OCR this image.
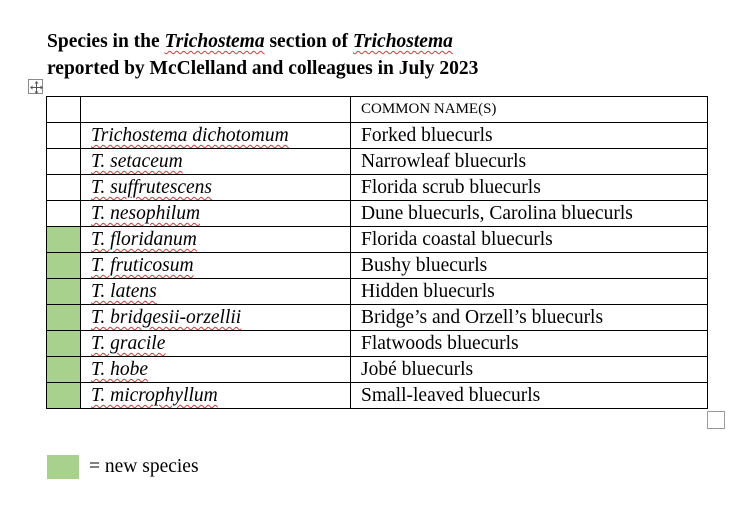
Species in the Trichostema section of Trichostema
reported by McClelland and colleagues in July 2023
		COMMON NAME(S)
	Trichostema dichotomum	Forked bluecurls
	T. setaceum	Narrowleaf bluecurls
	T. suffrutescens	Florida scrub bluecurls
	T. nesophilum	Dune bluecurls, Carolina bluecurls
	T. floridanum	Florida coastal bluecurls
	T. fruticosum	Bushy bluecurls
	T. latens	Hidden bluecurls
	T. bridgesii-orzellii	Bridge’s and Orzell’s bluecurls
	T. gracile	Flatwoods bluecurls
	T. hobe	Jobé bluecurls
	T. microphyllum	Small-leaved bluecurls
= new species
